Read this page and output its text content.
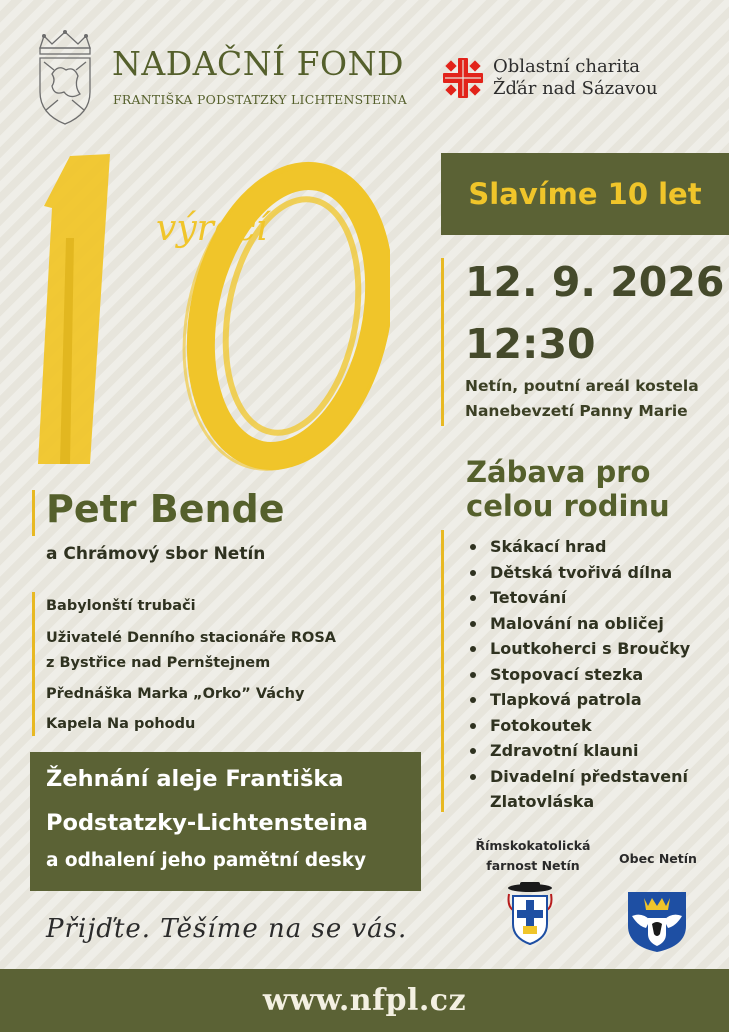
NADAČNÍ FOND
FRANTIŠKA PODSTATZKY LICHTENSTEINA
Oblastní charita
Žďár nad Sázavou
výročí
Slavíme 10 let
12. 9. 2026
12:30
Netín, poutní areál kostela
Nanebevzetí Panny Marie
Zábava pro
celou rodinu
Skákací hrad
Dětská tvořivá dílna
Tetování
Malování na obličej
Loutkoherci s Broučky
Stopovací stezka
Tlapková patrola
Fotokoutek
Zdravotní klauni
Divadelní představení
Zlatovláska
Petr Bende
a Chrámový sbor Netín
Babylonští trubači
Uživatelé Denního stacionáře ROSA
z Bystřice nad Pernštejnem
Přednáška Marka „Orko” Váchy
Kapela Na pohodu
Žehnání aleje Františka
Podstatzky-Lichtensteina
a odhalení jeho pamětní desky
Přijďte. Těšíme na se vás.
Římskokatolická
farnost Netín	Obec Netín
www.nfpl.cz
